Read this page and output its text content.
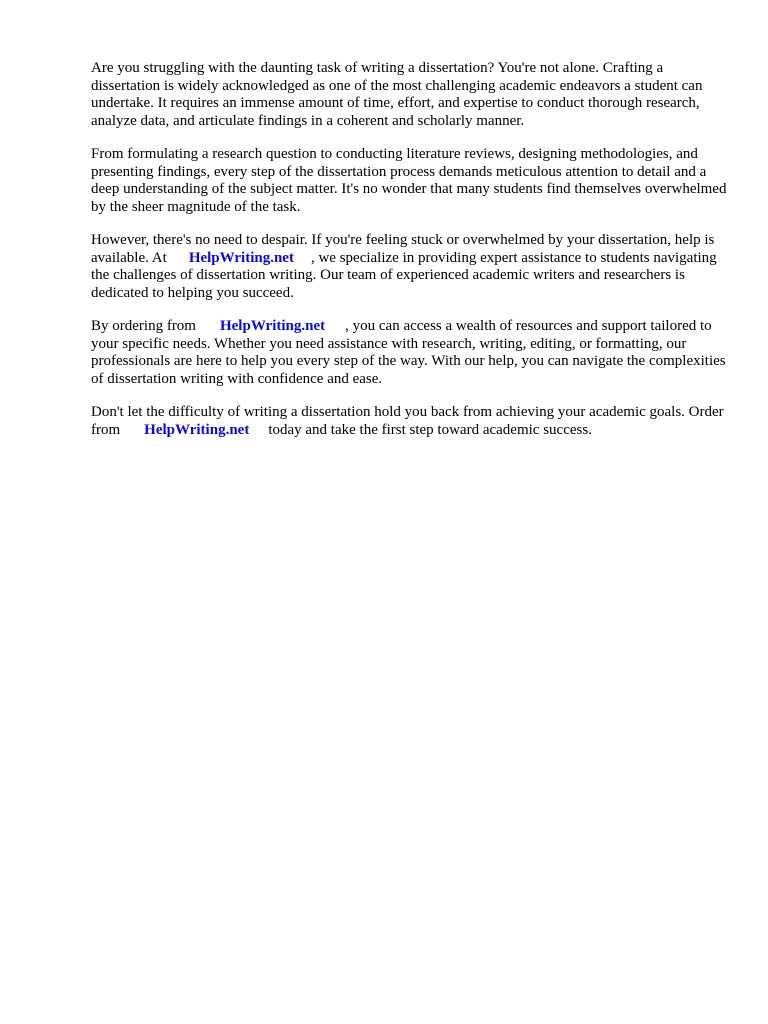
Are you struggling with the daunting task of writing a dissertation? You're not alone. Crafting a dissertation is widely acknowledged as one of the most challenging academic endeavors a student can undertake. It requires an immense amount of time, effort, and expertise to conduct thorough research, analyze data, and articulate findings in a coherent and scholarly manner.

From formulating a research question to conducting literature reviews, designing methodologies, and presenting findings, every step of the dissertation process demands meticulous attention to detail and a deep understanding of the subject matter. It's no wonder that many students find themselves overwhelmed by the sheer magnitude of the task.

However, there's no need to despair. If you're feeling stuck or overwhelmed by your dissertation, help is available. At HelpWriting.net , we specialize in providing expert assistance to students navigating the challenges of dissertation writing. Our team of experienced academic writers and researchers is dedicated to helping you succeed.

By ordering from HelpWriting.net , you can access a wealth of resources and support tailored to your specific needs. Whether you need assistance with research, writing, editing, or formatting, our professionals are here to help you every step of the way. With our help, you can navigate the complexities of dissertation writing with confidence and ease.

Don't let the difficulty of writing a dissertation hold you back from achieving your academic goals. Order from HelpWriting.net today and take the first step toward academic success.
